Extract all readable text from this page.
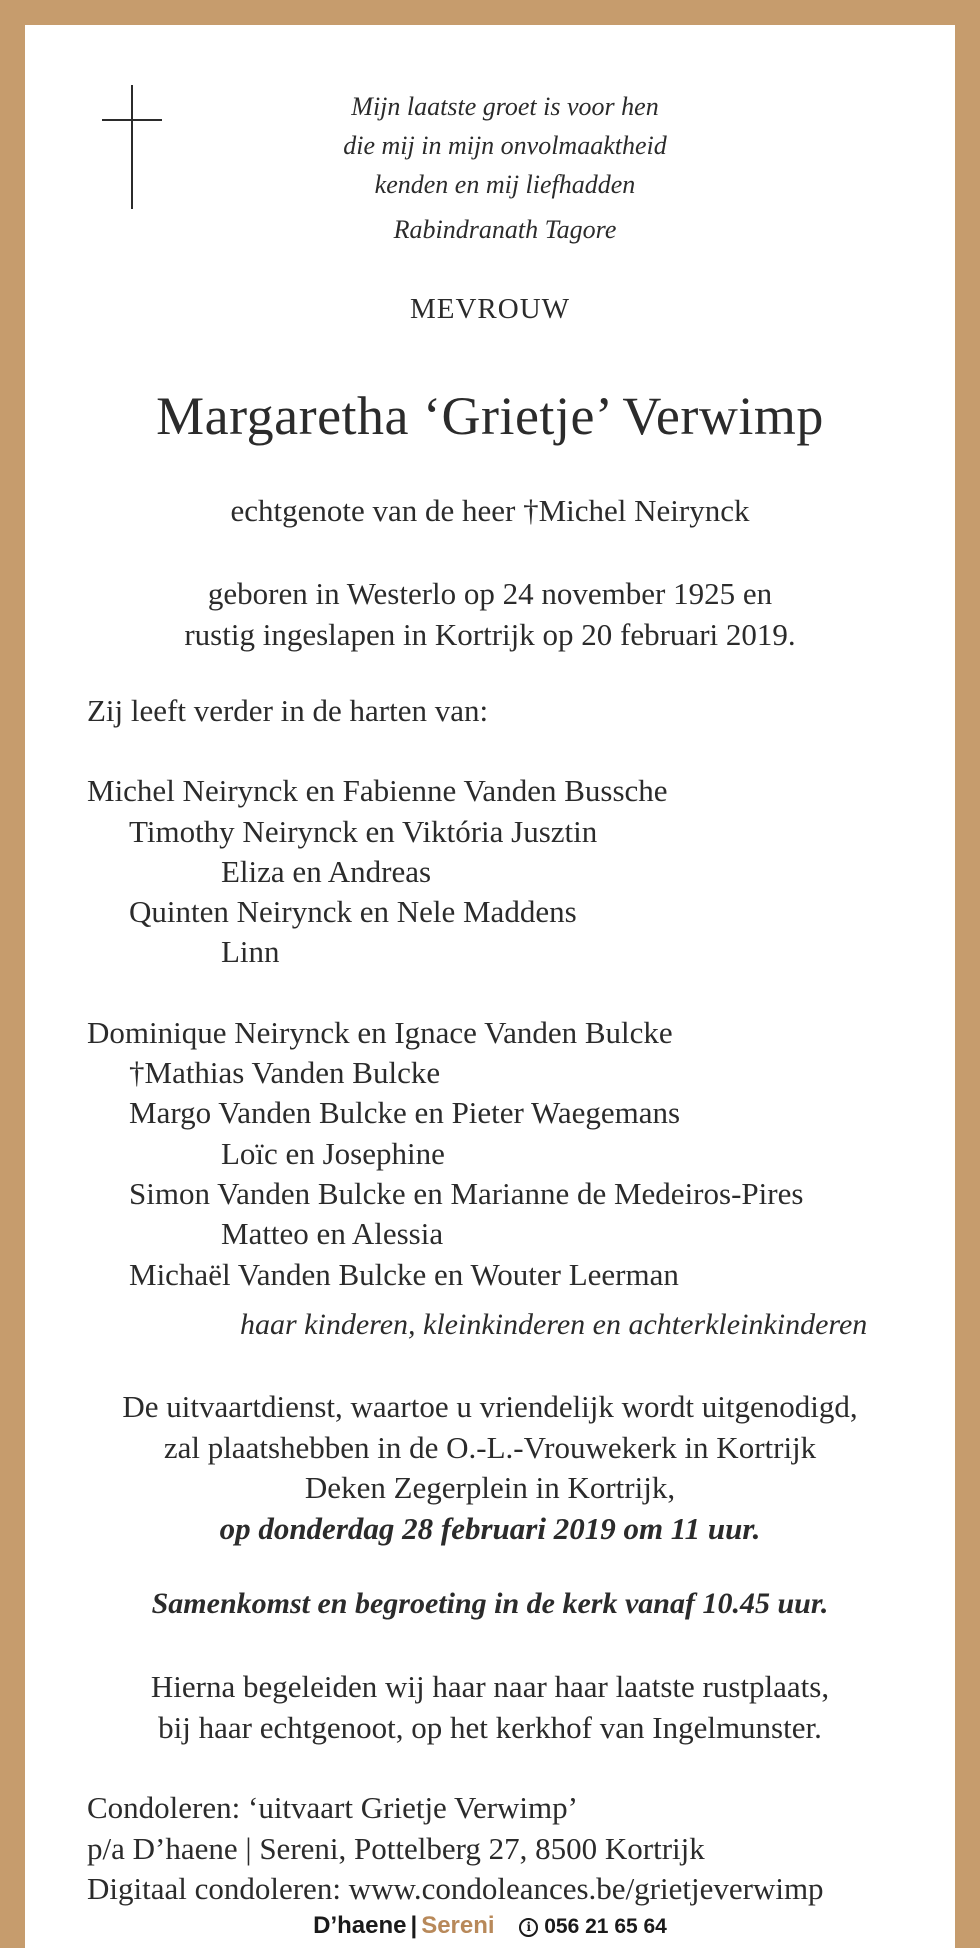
Mijn laatste groet is voor hen
die mij in mijn onvolmaaktheid
kenden en mij liefhadden
Rabindranath Tagore
MEVROUW
Margaretha ‘Grietje’ Verwimp
echtgenote van de heer †Michel Neirynck
geboren in Westerlo op 24 november 1925 en
rustig ingeslapen in Kortrijk op 20 februari 2019.
Zij leeft verder in de harten van:
Michel Neirynck en Fabienne Vanden Bussche
Timothy Neirynck en Viktória Jusztin
Eliza en Andreas
Quinten Neirynck en Nele Maddens
Linn
Dominique Neirynck en Ignace Vanden Bulcke
†Mathias Vanden Bulcke
Margo Vanden Bulcke en Pieter Waegemans
Loïc en Josephine
Simon Vanden Bulcke en Marianne de Medeiros-Pires
Matteo en Alessia
Michaël Vanden Bulcke en Wouter Leerman
haar kinderen, kleinkinderen en achterkleinkinderen
De uitvaartdienst, waartoe u vriendelijk wordt uitgenodigd,
zal plaatshebben in de O.-L.-Vrouwekerk in Kortrijk
Deken Zegerplein in Kortrijk,
op donderdag 28 februari 2019 om 11 uur.
Samenkomst en begroeting in de kerk vanaf 10.45 uur.
Hierna begeleiden wij haar naar haar laatste rustplaats,
bij haar echtgenoot, op het kerkhof van Ingelmunster.
Condoleren: ‘uitvaart Grietje Verwimp’
p/a D’haene | Sereni, Pottelberg 27, 8500 Kortrijk
Digitaal condoleren: www.condoleances.be/grietjeverwimp
D’haene | Sereni	i 056 21 65 64
